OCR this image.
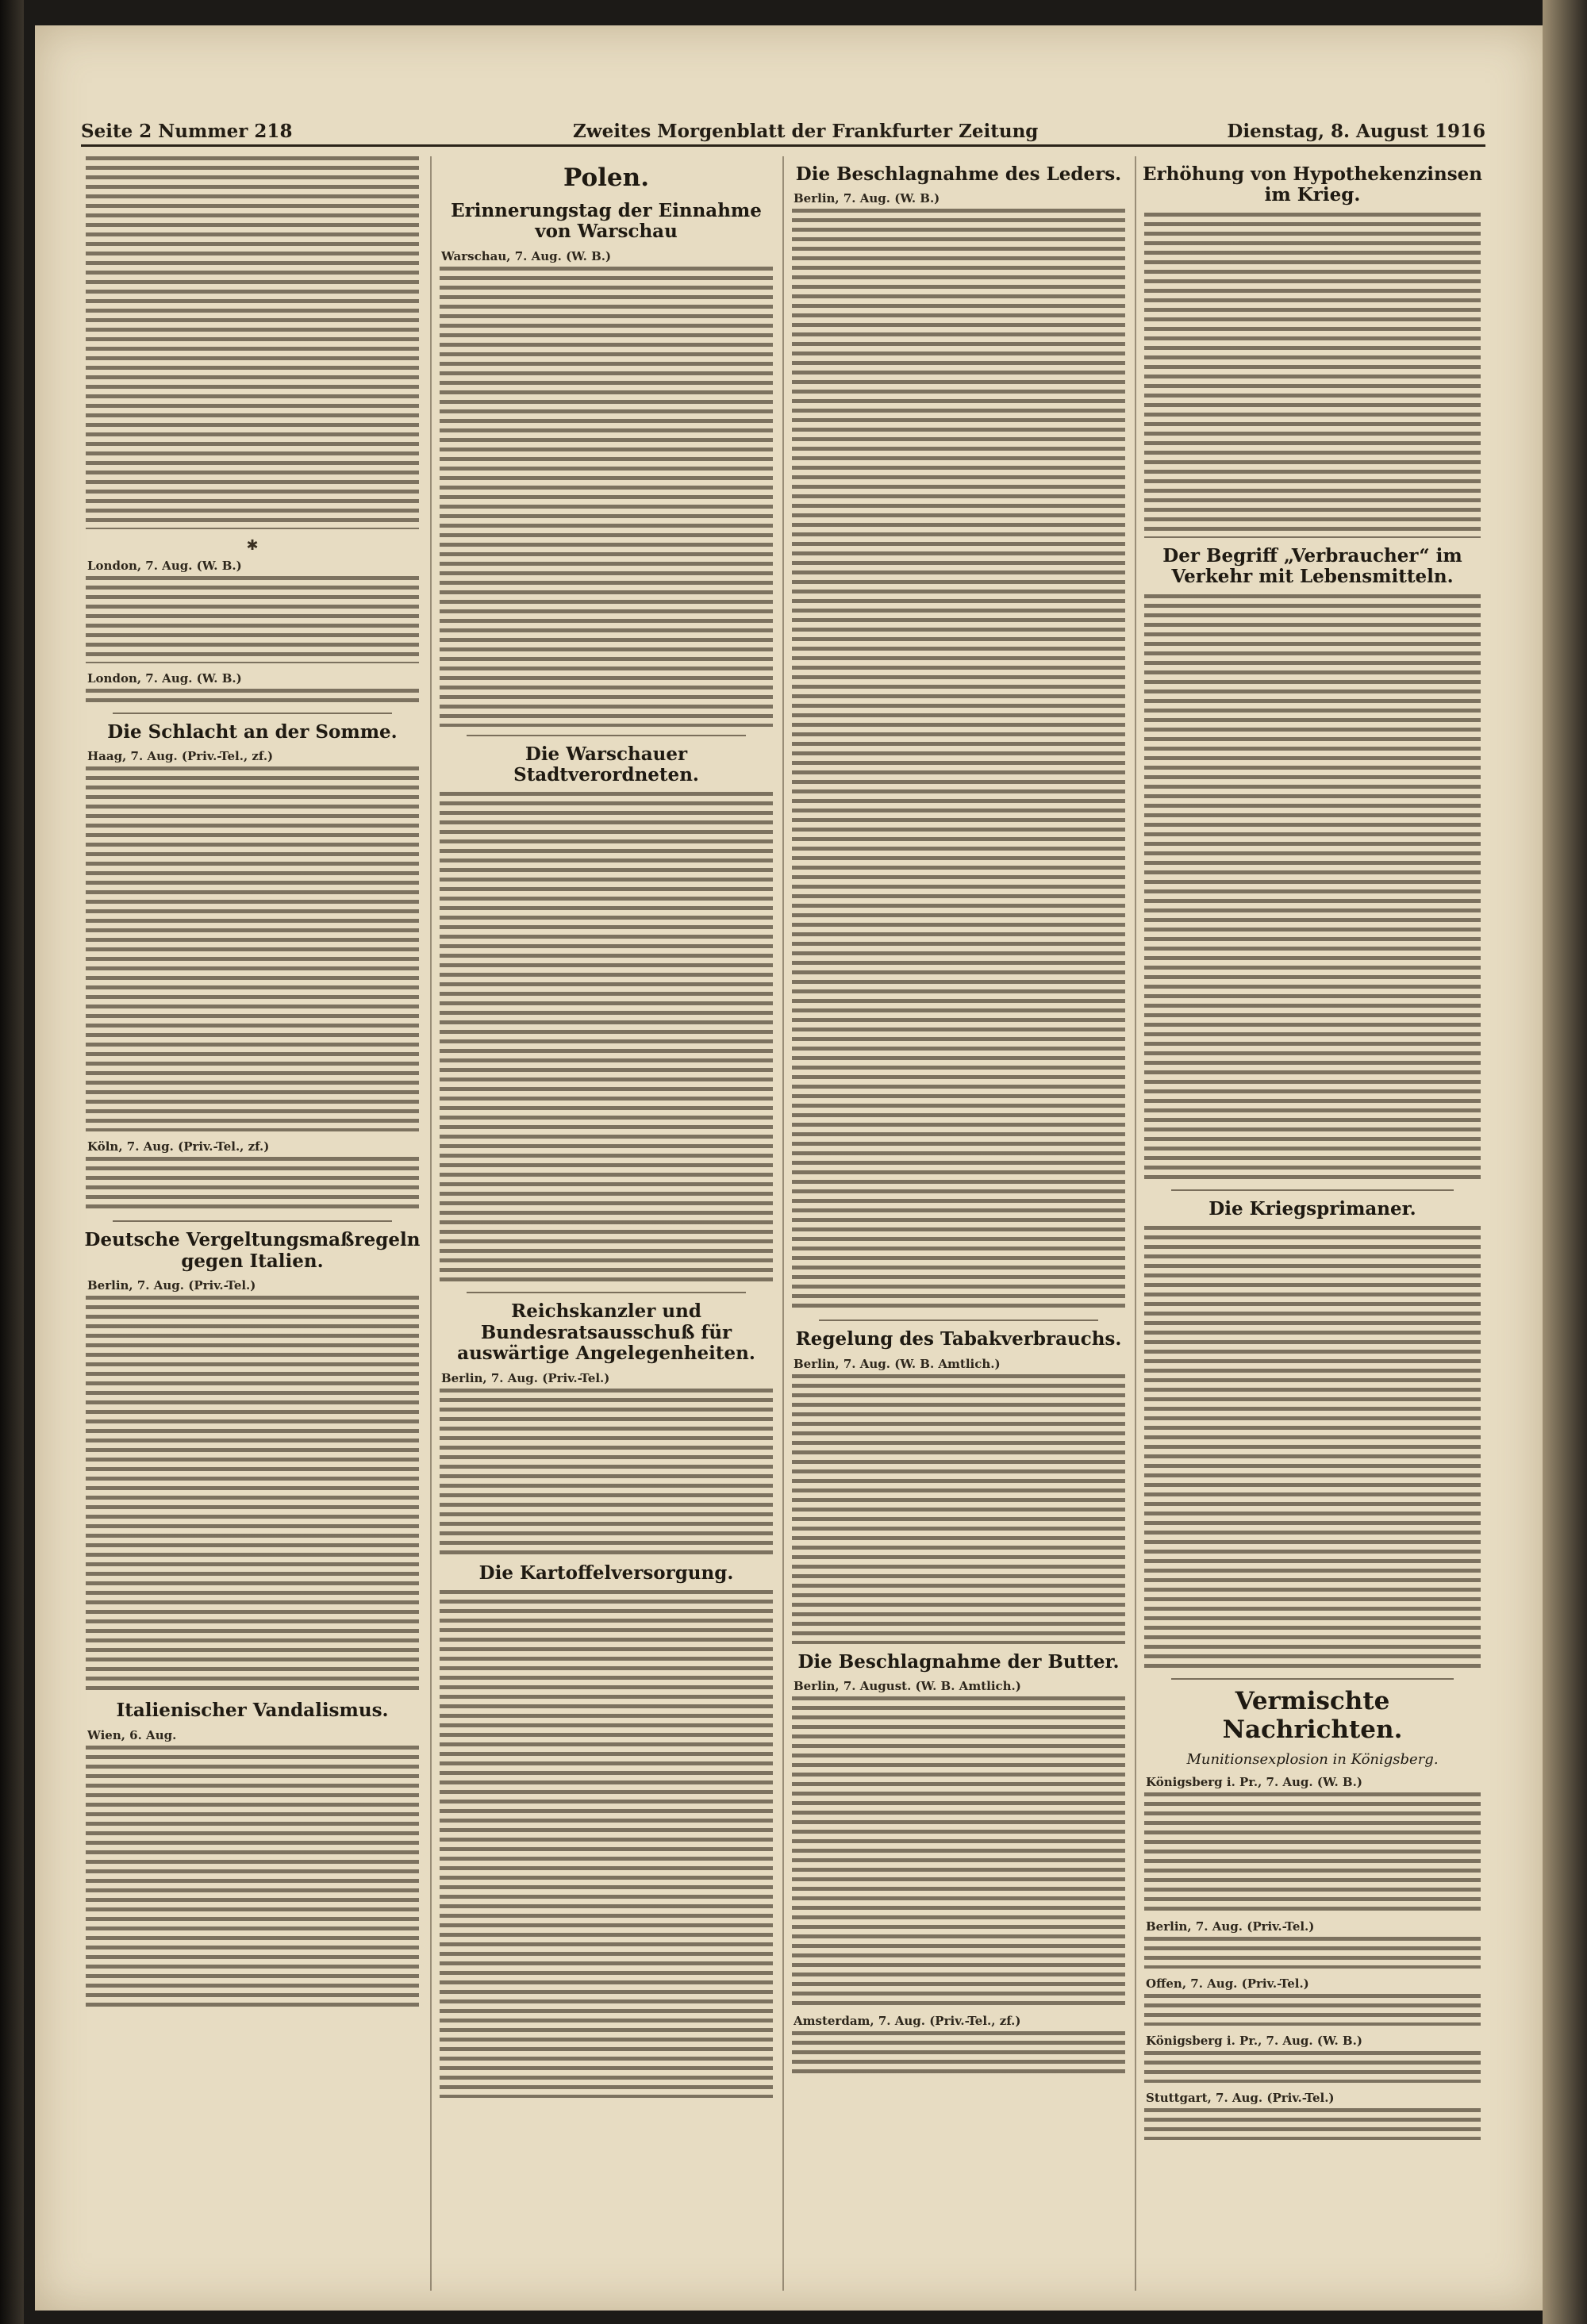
Seite 2 Nummer 218	Zweites Morgenblatt der Frankfurter Zeitung	Dienstag, 8. August 1916
✱
London, 7. Aug. (W. B.)
London, 7. Aug. (W. B.)
Die Schlacht an der Somme.
Haag, 7. Aug. (Priv.-Tel., zf.)
Köln, 7. Aug. (Priv.-Tel., zf.)
Deutsche Vergeltungsmaßregeln gegen Italien.
Berlin, 7. Aug. (Priv.-Tel.)
Italienischer Vandalismus.
Wien, 6. Aug.
Polen.
Erinnerungstag der Einnahme von Warschau
Warschau, 7. Aug. (W. B.)
Die Warschauer Stadtverordneten.
Reichskanzler und Bundesratsausschuß für auswärtige Angelegenheiten.
Berlin, 7. Aug. (Priv.-Tel.)
Die Kartoffelversorgung.
Die Beschlagnahme des Leders.
Berlin, 7. Aug. (W. B.)
Regelung des Tabakverbrauchs.
Berlin, 7. Aug. (W. B. Amtlich.)
Die Beschlagnahme der Butter.
Berlin, 7. August. (W. B. Amtlich.)
Amsterdam, 7. Aug. (Priv.-Tel., zf.)
Erhöhung von Hypothekenzinsen im Krieg.
Der Begriff „Verbraucher“ im Verkehr mit Lebensmitteln.
Die Kriegsprimaner.
Vermischte Nachrichten.
Munitionsexplosion in Königsberg.
Königsberg i. Pr., 7. Aug. (W. B.)
Berlin, 7. Aug. (Priv.-Tel.)
Offen, 7. Aug. (Priv.-Tel.)
Königsberg i. Pr., 7. Aug. (W. B.)
Stuttgart, 7. Aug. (Priv.-Tel.)
